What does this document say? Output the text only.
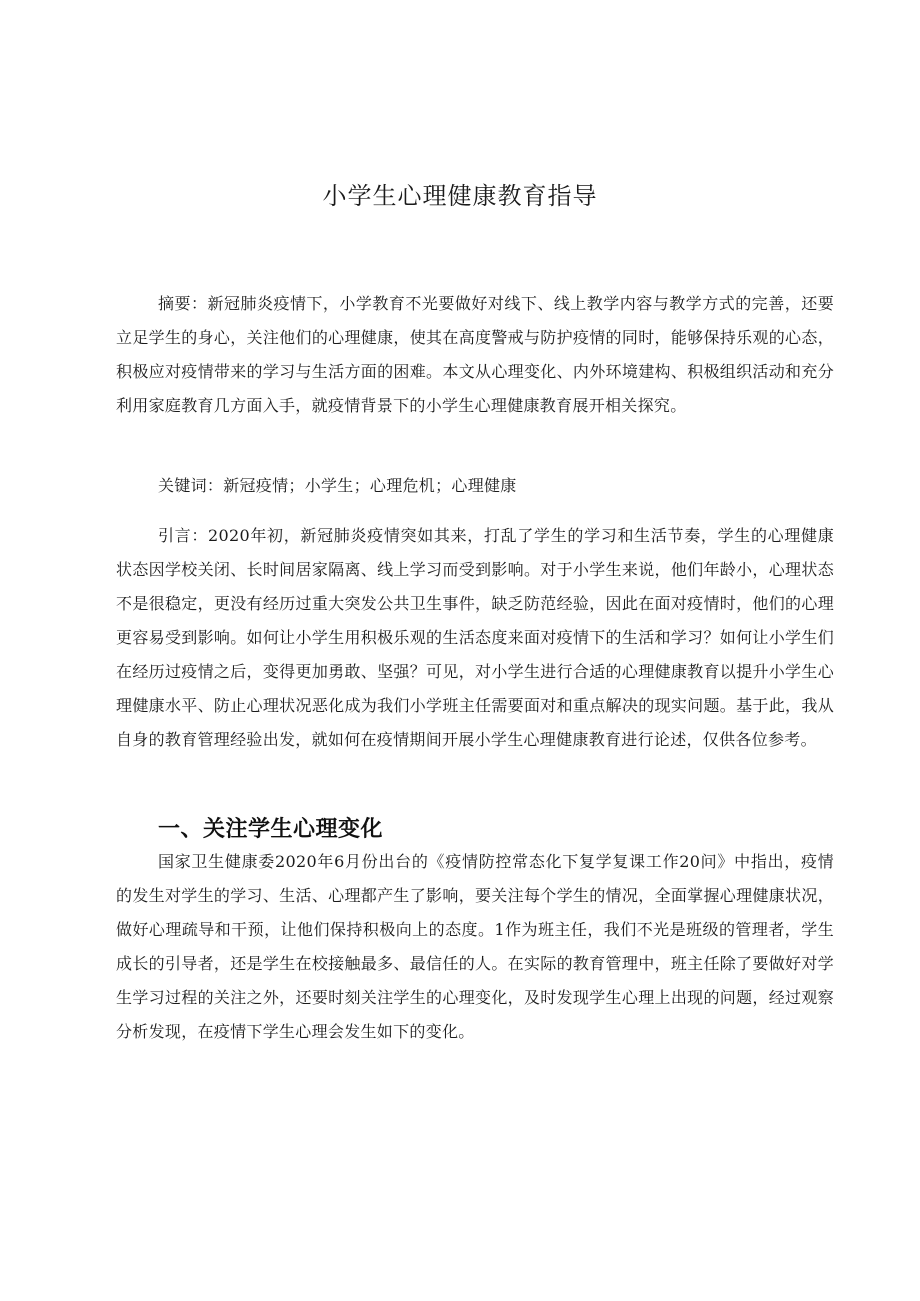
小学生心理健康教育指导

摘要：新冠肺炎疫情下，小学教育不光要做好对线下、线上教学内容与教学方式的完善，还要立足学生的身心，关注他们的心理健康，使其在高度警戒与防护疫情的同时，能够保持乐观的心态，积极应对疫情带来的学习与生活方面的困难。本文从心理变化、内外环境建构、积极组织活动和充分利用家庭教育几方面入手，就疫情背景下的小学生心理健康教育展开相关探究。

关键词：新冠疫情；小学生；心理危机；心理健康

引言：2020年初，新冠肺炎疫情突如其来，打乱了学生的学习和生活节奏，学生的心理健康状态因学校关闭、长时间居家隔离、线上学习而受到影响。对于小学生来说，他们年龄小，心理状态不是很稳定，更没有经历过重大突发公共卫生事件，缺乏防范经验，因此在面对疫情时，他们的心理更容易受到影响。如何让小学生用积极乐观的生活态度来面对疫情下的生活和学习？如何让小学生们在经历过疫情之后，变得更加勇敢、坚强？可见，对小学生进行合适的心理健康教育以提升小学生心理健康水平、防止心理状况恶化成为我们小学班主任需要面对和重点解决的现实问题。基于此，我从自身的教育管理经验出发，就如何在疫情期间开展小学生心理健康教育进行论述，仅供各位参考。

一、关注学生心理变化

国家卫生健康委2020年6月份出台的《疫情防控常态化下复学复课工作20问》中指出，疫情的发生对学生的学习、生活、心理都产生了影响，要关注每个学生的情况，全面掌握心理健康状况，做好心理疏导和干预，让他们保持积极向上的态度。1作为班主任，我们不光是班级的管理者，学生成长的引导者，还是学生在校接触最多、最信任的人。在实际的教育管理中，班主任除了要做好对学生学习过程的关注之外，还要时刻关注学生的心理变化，及时发现学生心理上出现的问题，经过观察分析发现，在疫情下学生心理会发生如下的变化。
